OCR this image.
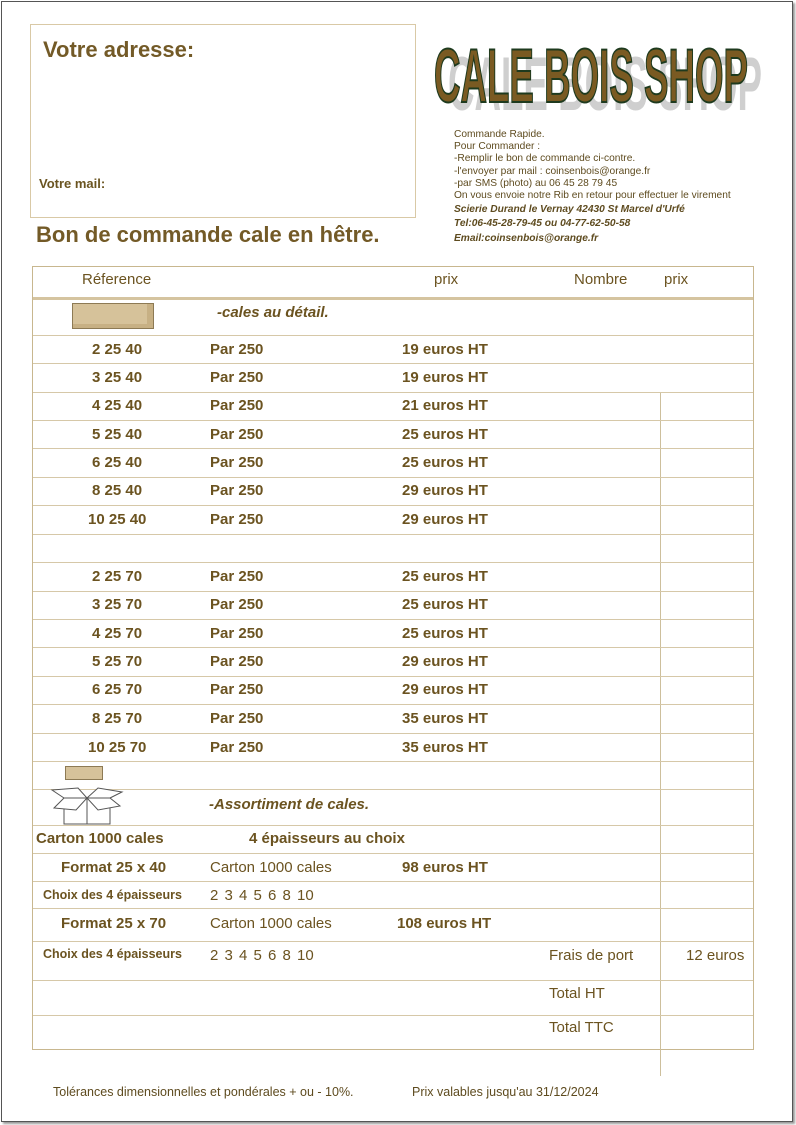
Votre adresse:
Votre mail:
Bon de commande cale en hêtre.
CALE BOIS SHOP
CALE BOIS SHOP
Commande Rapide.
Pour Commander :
-Remplir le bon de commande ci-contre.
-l'envoyer par mail : coinsenbois@orange.fr
-par SMS (photo) au 06 45 28 79 45
On vous envoie notre Rib en retour pour effectuer le virement
Scierie Durand le Vernay 42430 St Marcel d'Urfé
Tel:06-45-28-79-45 ou 04-77-62-50-58
Email:coinsenbois@orange.fr
Réference	prix	Nombre prix
-cales au détail.
2 25 40	Par 250	19 euros HT
3 25 40	Par 250	19 euros HT
4 25 40	Par 250	21 euros HT
5 25 40	Par 250	25 euros HT
6 25 40	Par 250	25 euros HT
8 25 40	Par 250	29 euros HT
10 25 40	Par 250	29 euros HT
2 25 70	Par 250	25 euros HT
3 25 70	Par 250	25 euros HT
4 25 70	Par 250	25 euros HT
5 25 70	Par 250	29 euros HT
6 25 70	Par 250	29 euros HT
8 25 70	Par 250	35 euros HT
10 25 70	Par 250	35 euros HT
-Assortiment de cales.
Carton 1000 cales	4 épaisseurs au choix
Format 25 x 40	Carton 1000 cales	98 euros HT
Choix des 4 épaisseurs 2 3 4 5 6 8 10
Format 25 x 70	Carton 1000 cales	108 euros HT
Choix des 4 épaisseurs 2 3 4 5 6 8 10	Frais de port	12 euros
Total HT
Total TTC
Tolérances dimensionnelles et pondérales + ou - 10%.	Prix valables jusqu'au 31/12/2024
